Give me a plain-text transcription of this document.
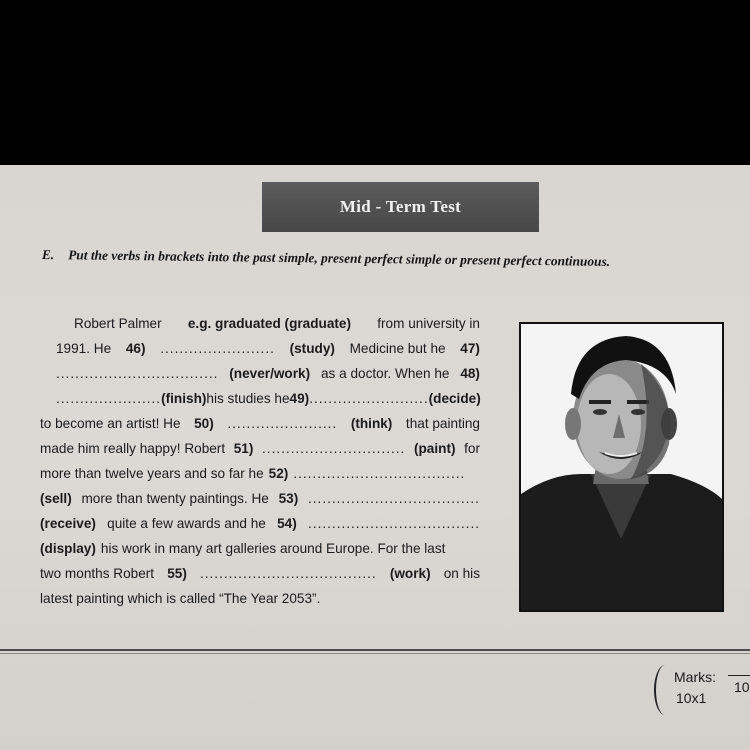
Mid - Term Test
E. Put the verbs in brackets into the past simple, present perfect simple or present perfect continuous.
Robert Palmer e.g. graduated (graduate) from university in
1991. He 46) ........................ (study) Medicine but he 47)
.................................. (never/work) as a doctor. When he 48)
...................... (finish) his studies he 49) ......................... (decide)
to become an artist! He 50) ....................... (think) that painting
made him really happy! Robert 51) .............................. (paint) for
more than twelve years and so far he 52) ....................................
(sell) more than twenty paintings. He 53) ....................................
(receive) quite a few awards and he 54) ....................................
(display) his work in many art galleries around Europe. For the last
two months Robert 55) ..................................... (work) on his
latest painting which is called “The Year 2053”.
Marks:
10x1
10
